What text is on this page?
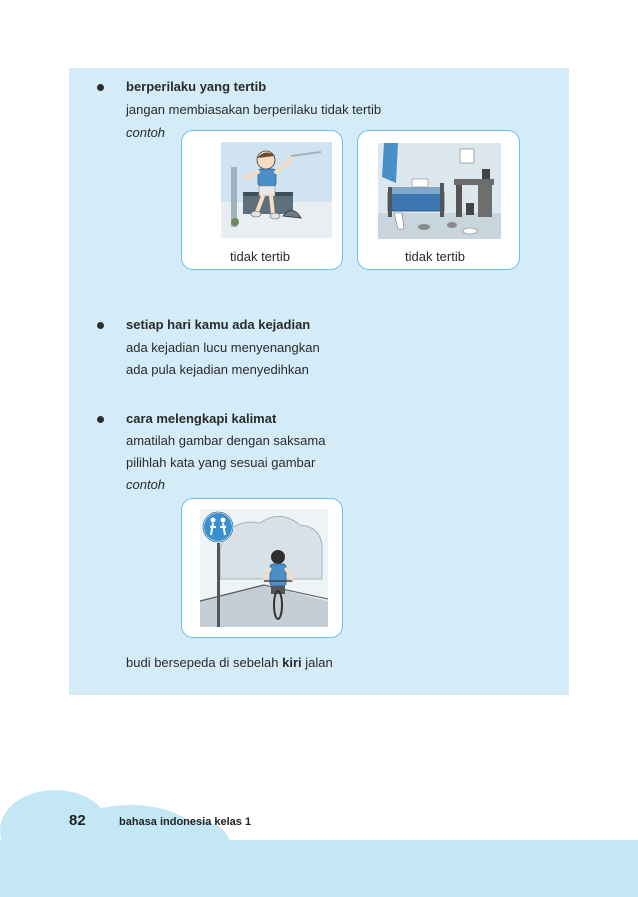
berperilaku yang tertib
jangan membiasakan berperilaku tidak tertib
contoh
tidak tertib	tidak tertib
setiap hari kamu ada kejadian
ada kejadian lucu menyenangkan
ada pula kejadian menyedihkan
cara melengkapi kalimat
amatilah gambar dengan saksama
pilihlah kata yang sesuai gambar
contoh
budi bersepeda di sebelah kiri jalan
82	bahasa indonesia kelas 1
